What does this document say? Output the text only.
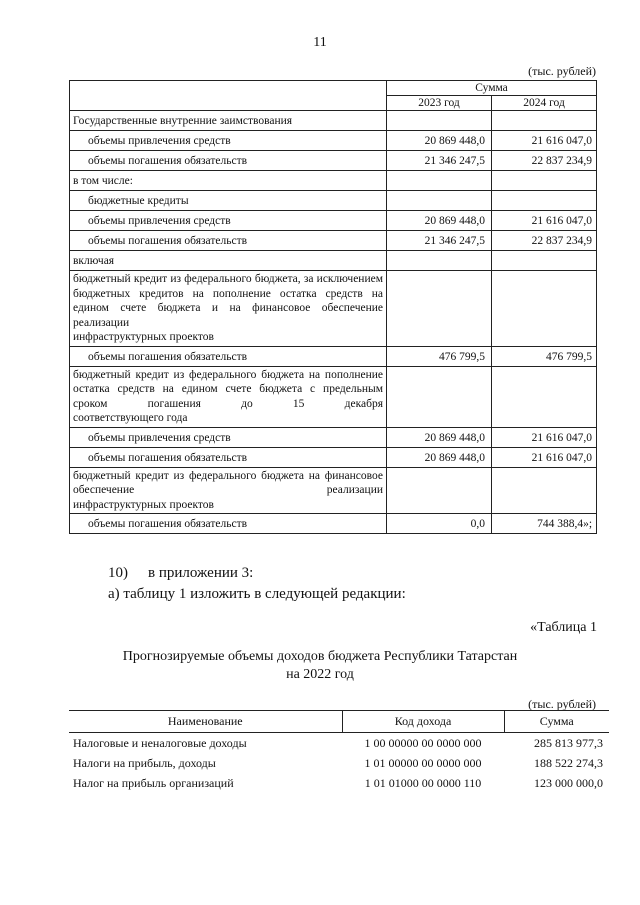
11
(тыс. рублей)
	Сумма	
	2023 год	2024 год
Государственные внутренние заимствования		
объемы привлечения средств	20 869 448,0	21 616 047,0
объемы погашения обязательств	21 346 247,5	22 837 234,9
в том числе:		
бюджетные кредиты		
объемы привлечения средств	20 869 448,0	21 616 047,0
объемы погашения обязательств	21 346 247,5	22 837 234,9
включая		
бюджетный кредит из федерального бюджета, за исключением бюджетных кредитов на пополнение остатка средств на едином счете бюджета и на финансовое обеспечение реализации
инфраструктурных проектов		

объемы погашения обязательств	476 799,5	476 799,5
бюджетный кредит из федерального бюджета на пополнение остатка средств на едином счете бюджета с предельным сроком погашения до 15 декабря
соответствующего года		

объемы привлечения средств	20 869 448,0	21 616 047,0
объемы погашения обязательств	20 869 448,0	21 616 047,0
бюджетный кредит из федерального бюджета на финансовое обеспечение реализации
инфраструктурных проектов		

объемы погашения обязательств	0,0	744 388,4»;
10) в приложении 3:
а) таблицу 1 изложить в следующей редакции:
«Таблица 1
Прогнозируемые объемы доходов бюджета Республики Татарстан
на 2022 год
(тыс. рублей)
Наименование	Код дохода	Сумма
Налоговые и неналоговые доходы	1 00 00000 00 0000 000	285 813 977,3
Налоги на прибыль, доходы	1 01 00000 00 0000 000	188 522 274,3
Налог на прибыль организаций	1 01 01000 00 0000 110	123 000 000,0
